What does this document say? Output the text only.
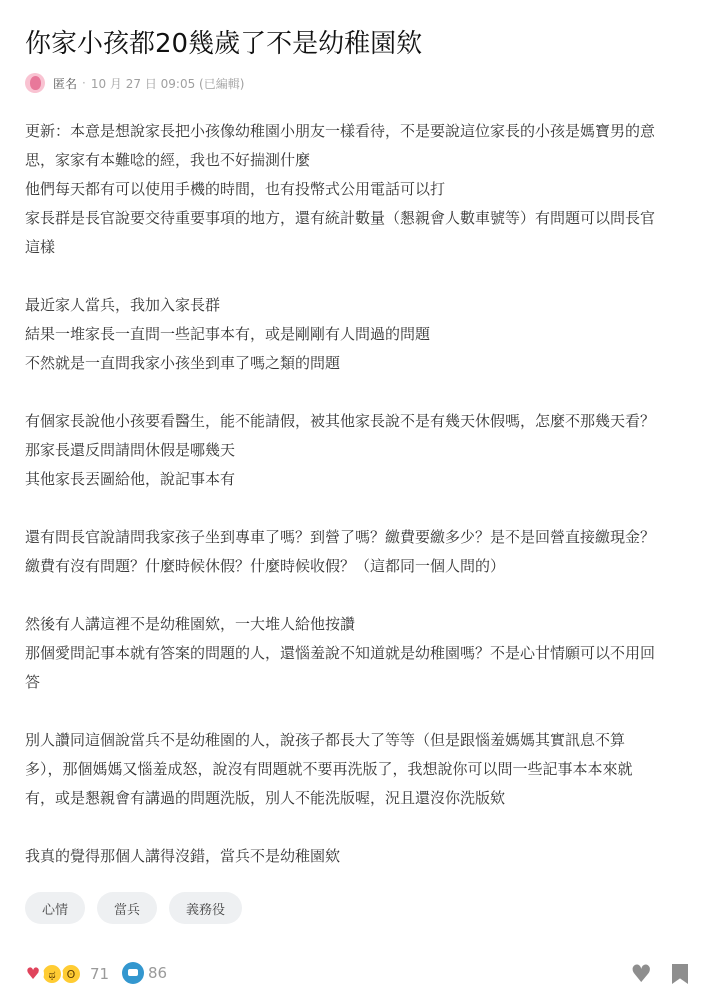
你家小孩都20幾歲了不是幼稚園欸
匿名 · 10 月 27 日 09:05 (已編輯)

更新：本意是想說家長把小孩像幼稚園小朋友一樣看待，不是要說這位家長的小孩是媽寶男的意

思，家家有本難唸的經，我也不好揣測什麼

他們每天都有可以使用手機的時間，也有投幣式公用電話可以打

家長群是長官說要交待重要事項的地方，還有統計數量（懇親會人數車號等）有問題可以問長官

這樣

最近家人當兵，我加入家長群

結果一堆家長一直問一些記事本有，或是剛剛有人問過的問題

不然就是一直問我家小孩坐到車了嗎之類的問題

有個家長說他小孩要看醫生，能不能請假，被其他家長說不是有幾天休假嗎，怎麼不那幾天看？

那家長還反問請問休假是哪幾天

其他家長丟圖給他，說記事本有

還有問長官說請問我家孩子坐到專車了嗎？到營了嗎？繳費要繳多少？是不是回營直接繳現金？

繳費有沒有問題？什麼時候休假？什麼時候收假？（這都同一個人問的）

然後有人講這裡不是幼稚園欸，一大堆人給他按讚

那個愛問記事本就有答案的問題的人，還惱羞說不知道就是幼稚園嗎？不是心甘情願可以不用回

答

別人讚同這個說當兵不是幼稚園的人，說孩子都長大了等等（但是跟惱羞媽媽其實訊息不算

多），那個媽媽又惱羞成怒，說沒有問題就不要再洗版了，我想說你可以問一些記事本本來就

有，或是懇親會有講過的問題洗版，別人不能洗版喔，況且還沒你洗版欸

我真的覺得那個人講得沒錯，當兵不是幼稚園欸

心情	當兵	義務役
♥ ಥ	ʘ 71	86	♥
